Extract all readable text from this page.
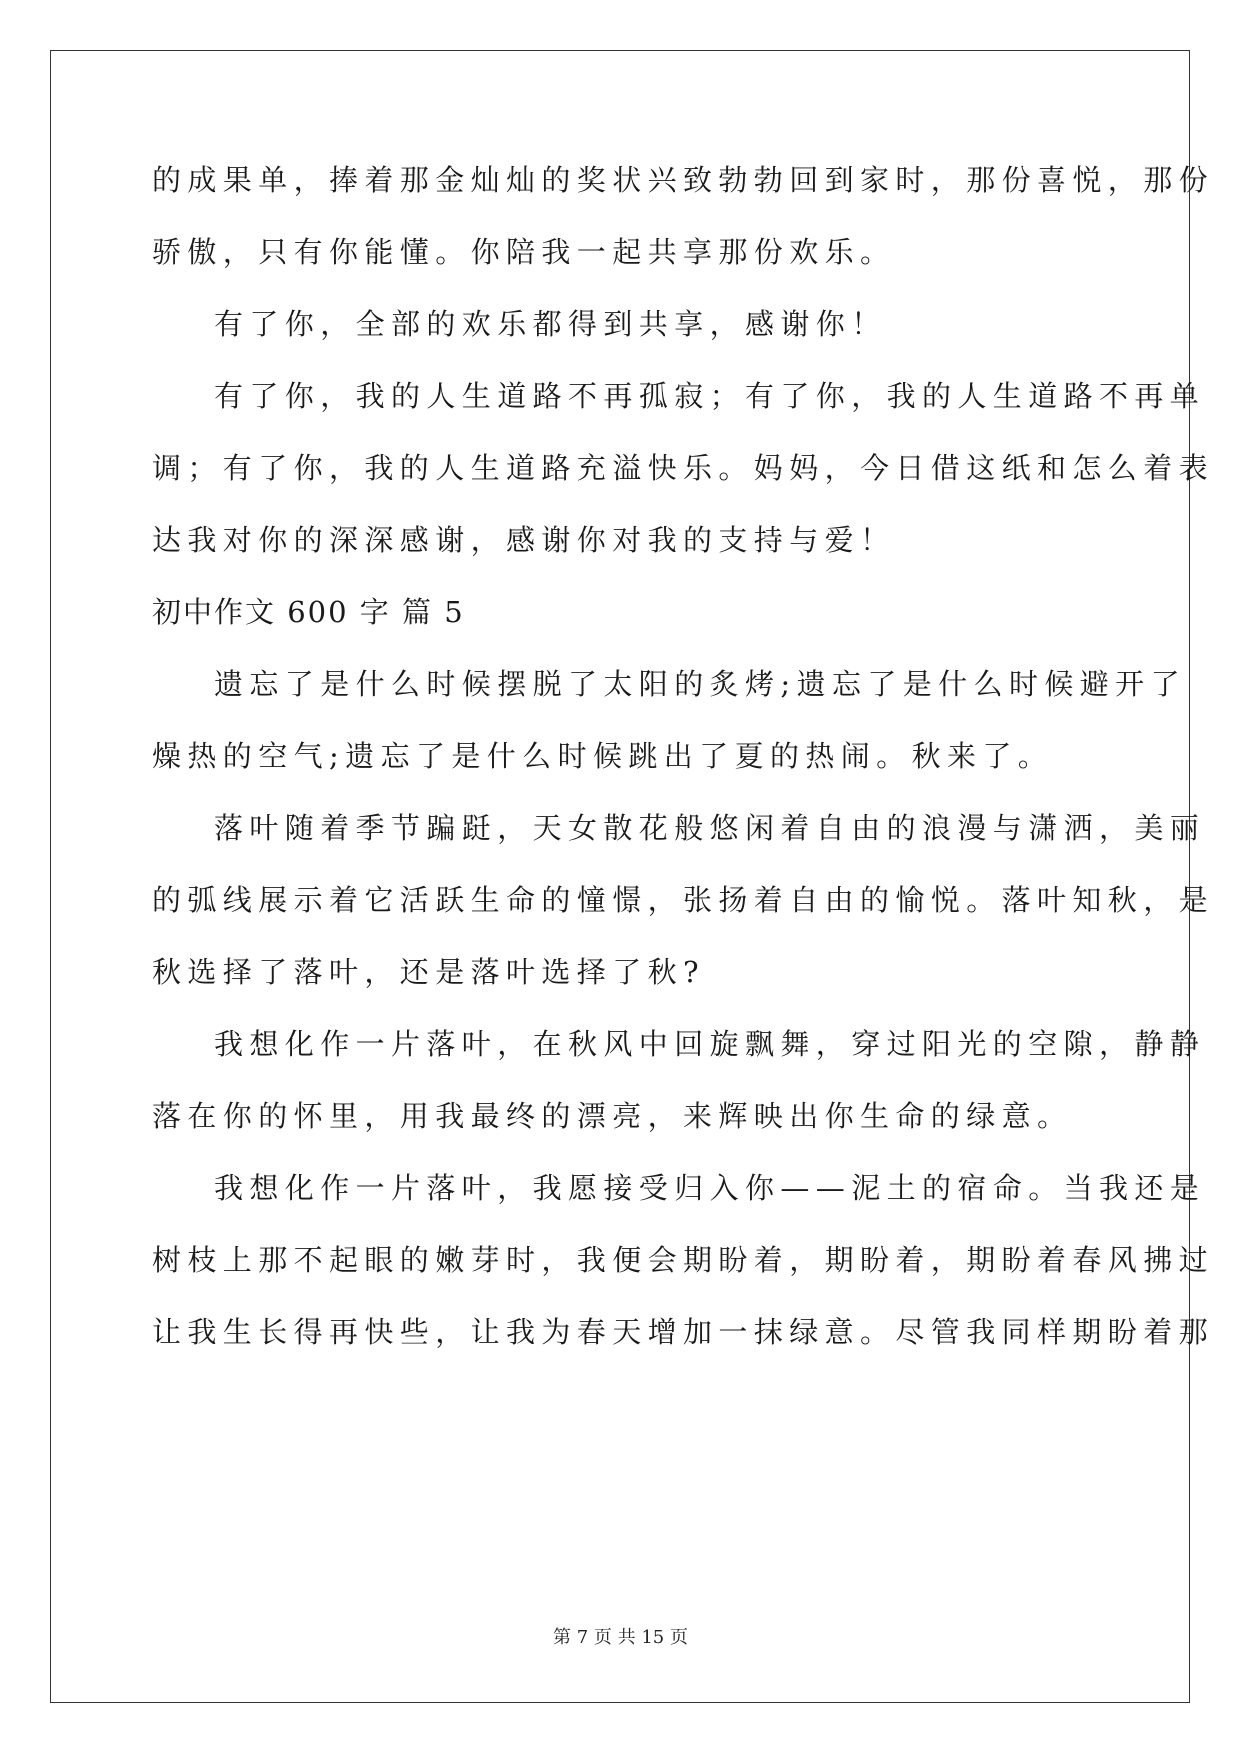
的成果单，捧着那金灿灿的奖状兴致勃勃回到家时，那份喜悦，那份
骄傲，只有你能懂。你陪我一起共享那份欢乐。
有了你，全部的欢乐都得到共享，感谢你！
有了你，我的人生道路不再孤寂；有了你，我的人生道路不再单
调；有了你，我的人生道路充溢快乐。妈妈，今日借这纸和怎么着表
达我对你的深深感谢，感谢你对我的支持与爱！
初中作文 600 字 篇 5
遗忘了是什么时候摆脱了太阳的炙烤;遗忘了是什么时候避开了
燥热的空气;遗忘了是什么时候跳出了夏的热闹。秋来了。
落叶随着季节蹁跹，天女散花般悠闲着自由的浪漫与潇洒，美丽
的弧线展示着它活跃生命的憧憬，张扬着自由的愉悦。落叶知秋，是
秋选择了落叶，还是落叶选择了秋?
我想化作一片落叶，在秋风中回旋飘舞，穿过阳光的空隙，静静
落在你的怀里，用我最终的漂亮，来辉映出你生命的绿意。
我想化作一片落叶，我愿接受归入你——泥土的宿命。当我还是
树枝上那不起眼的嫩芽时，我便会期盼着，期盼着，期盼着春风拂过
让我生长得再快些，让我为春天增加一抹绿意。尽管我同样期盼着那
第 7 页 共 15 页
